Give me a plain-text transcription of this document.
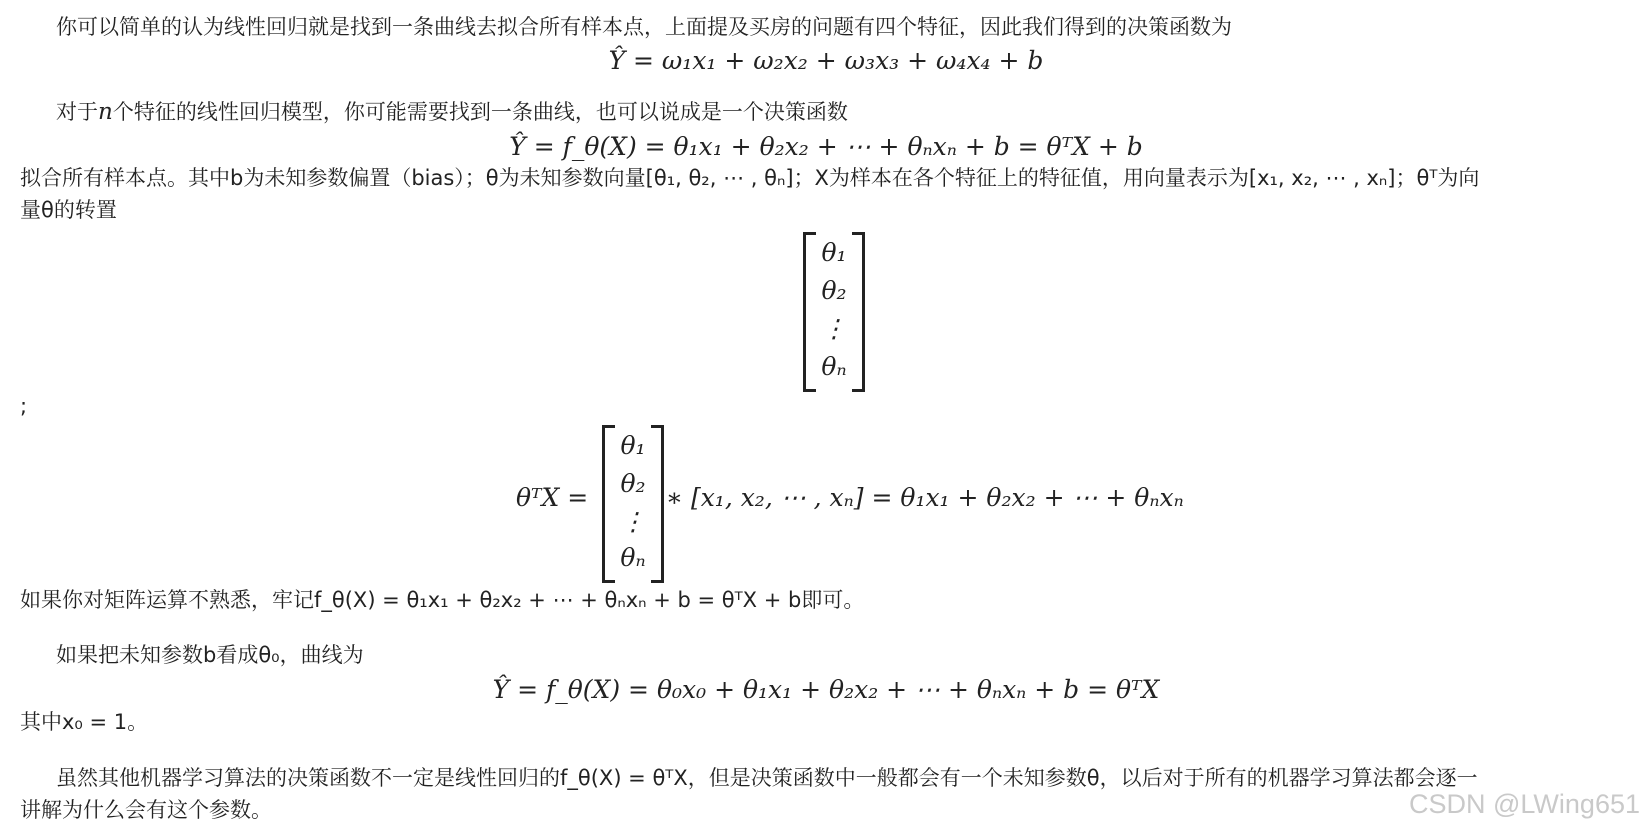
你可以简单的认为线性回归就是找到一条曲线去拟合所有样本点，上面提及买房的问题有四个特征，因此我们得到的决策函数为
Ŷ = ω₁x₁ + ω₂x₂ + ω₃x₃ + ω₄x₄ + b
对于n个特征的线性回归模型，你可能需要找到一条曲线，也可以说成是一个决策函数
Ŷ = f_θ(X) = θ₁x₁ + θ₂x₂ + ⋯ + θₙxₙ + b = θᵀX + b
拟合所有样本点。其中b为未知参数偏置（bias）；θ为未知参数向量[θ₁, θ₂, ⋯ , θₙ]；X为样本在各个特征上的特征值，用向量表示为[x₁, x₂, ⋯ , xₙ]；θᵀ为向
量θ的转置
θ₁
θ₂
⋮
θₙ
;
θᵀX =
θ₁
θ₂
⋮
θₙ
∗ [x₁, x₂, ⋯ , xₙ] = θ₁x₁ + θ₂x₂ + ⋯ + θₙxₙ
如果你对矩阵运算不熟悉，牢记f_θ(X) = θ₁x₁ + θ₂x₂ + ⋯ + θₙxₙ + b = θᵀX + b即可。
如果把未知参数b看成θ₀，曲线为
Ŷ = f_θ(X) = θ₀x₀ + θ₁x₁ + θ₂x₂ + ⋯ + θₙxₙ + b = θᵀX
其中x₀ = 1。
虽然其他机器学习算法的决策函数不一定是线性回归的f_θ(X) = θᵀX，但是决策函数中一般都会有一个未知参数θ，以后对于所有的机器学习算法都会逐一
讲解为什么会有这个参数。	CSDN @LWing651
